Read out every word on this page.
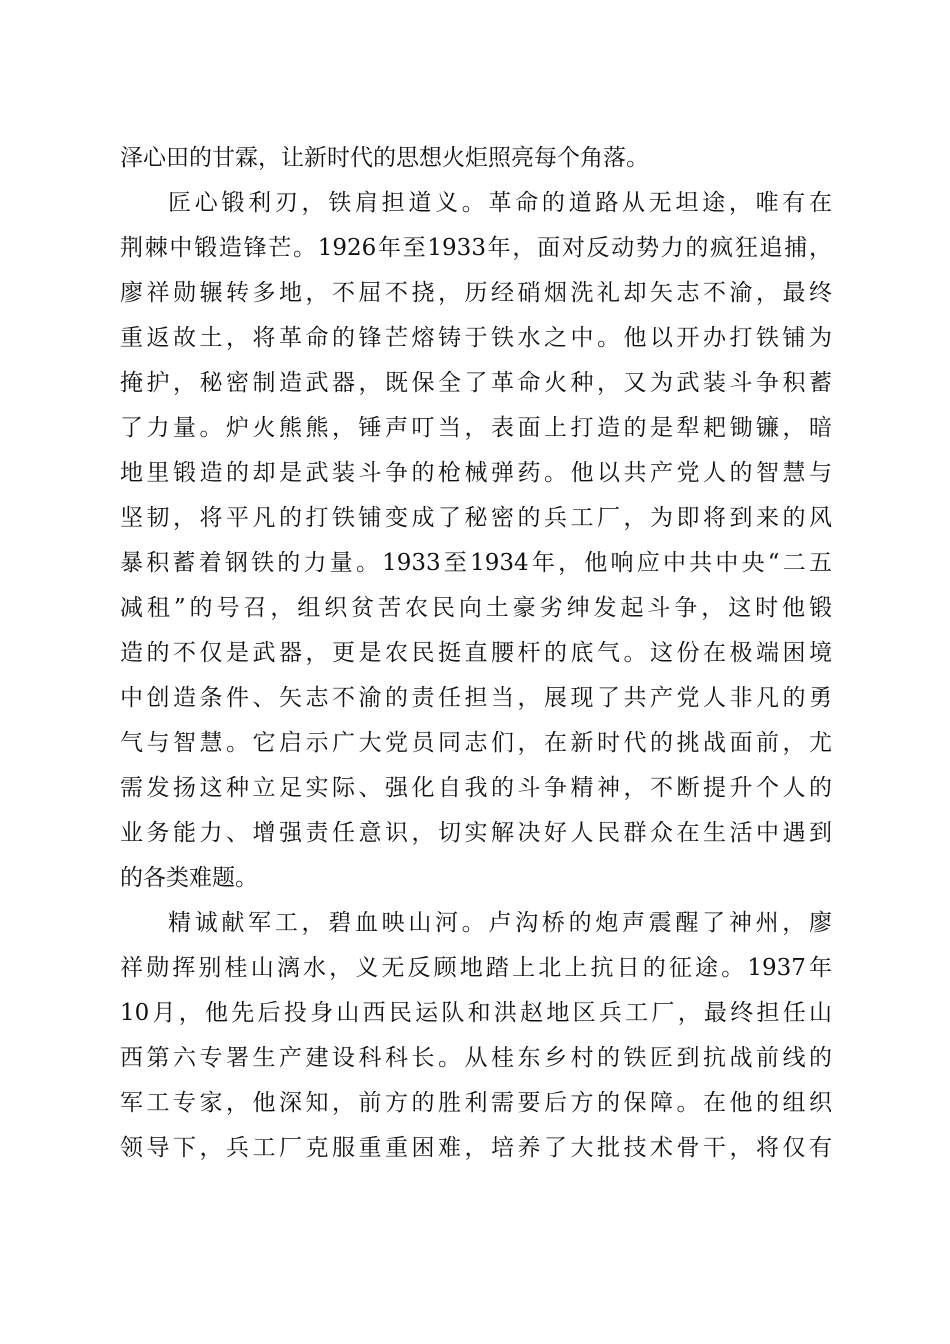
泽心田的甘霖，让新时代的思想火炬照亮每个角落。

匠心锻利刃，铁肩担道义。革命的道路从无坦途，唯有在

荆棘中锻造锋芒。1926年至1933年，面对反动势力的疯狂追捕，

廖祥勋辗转多地，不屈不挠，历经硝烟洗礼却矢志不渝，最终

重返故土，将革命的锋芒熔铸于铁水之中。他以开办打铁铺为

掩护，秘密制造武器，既保全了革命火种，又为武装斗争积蓄

了力量。炉火熊熊，锤声叮当，表面上打造的是犁耙锄镰，暗

地里锻造的却是武装斗争的枪械弹药。他以共产党人的智慧与

坚韧，将平凡的打铁铺变成了秘密的兵工厂，为即将到来的风

暴积蓄着钢铁的力量。1933至1934年，他响应中共中央“二五

减租”的号召，组织贫苦农民向土豪劣绅发起斗争，这时他锻

造的不仅是武器，更是农民挺直腰杆的底气。这份在极端困境

中创造条件、矢志不渝的责任担当，展现了共产党人非凡的勇

气与智慧。它启示广大党员同志们，在新时代的挑战面前，尤

需发扬这种立足实际、强化自我的斗争精神，不断提升个人的

业务能力、增强责任意识，切实解决好人民群众在生活中遇到

的各类难题。

精诚献军工，碧血映山河。卢沟桥的炮声震醒了神州，廖

祥勋挥别桂山漓水，义无反顾地踏上北上抗日的征途。1937年

10月，他先后投身山西民运队和洪赵地区兵工厂，最终担任山

西第六专署生产建设科科长。从桂东乡村的铁匠到抗战前线的

军工专家，他深知，前方的胜利需要后方的保障。在他的组织

领导下，兵工厂克服重重困难，培养了大批技术骨干，将仅有
